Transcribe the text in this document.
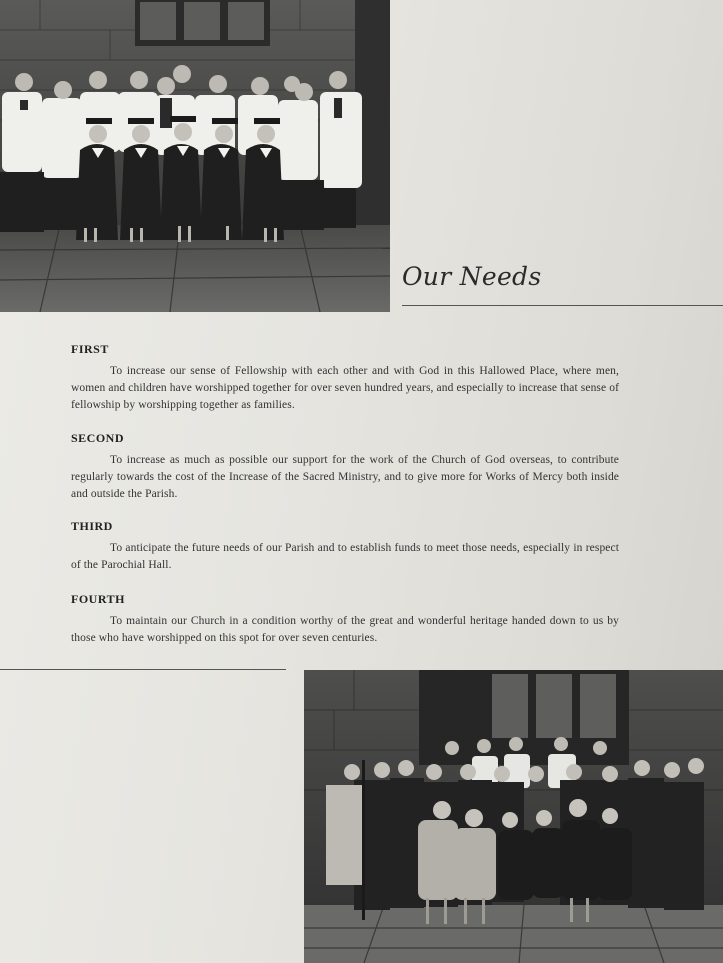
Our Needs
FIRST

To increase our sense of Fellowship with each other and with God in this Hallowed Place, where men, women and children have worshipped together for over seven hundred years, and especially to increase that sense of fellowship by worshipping together as families.

SECOND

To increase as much as possible our support for the work of the Church of God overseas, to contribute regularly towards the cost of the Increase of the Sacred Ministry, and to give more for Works of Mercy both inside and outside the Parish.

THIRD

To anticipate the future needs of our Parish and to establish funds to meet those needs, especially in respect of the Parochial Hall.

FOURTH

To maintain our Church in a condition worthy of the great and wonderful heritage handed down to us by those who have worshipped on this spot for over seven centuries.
